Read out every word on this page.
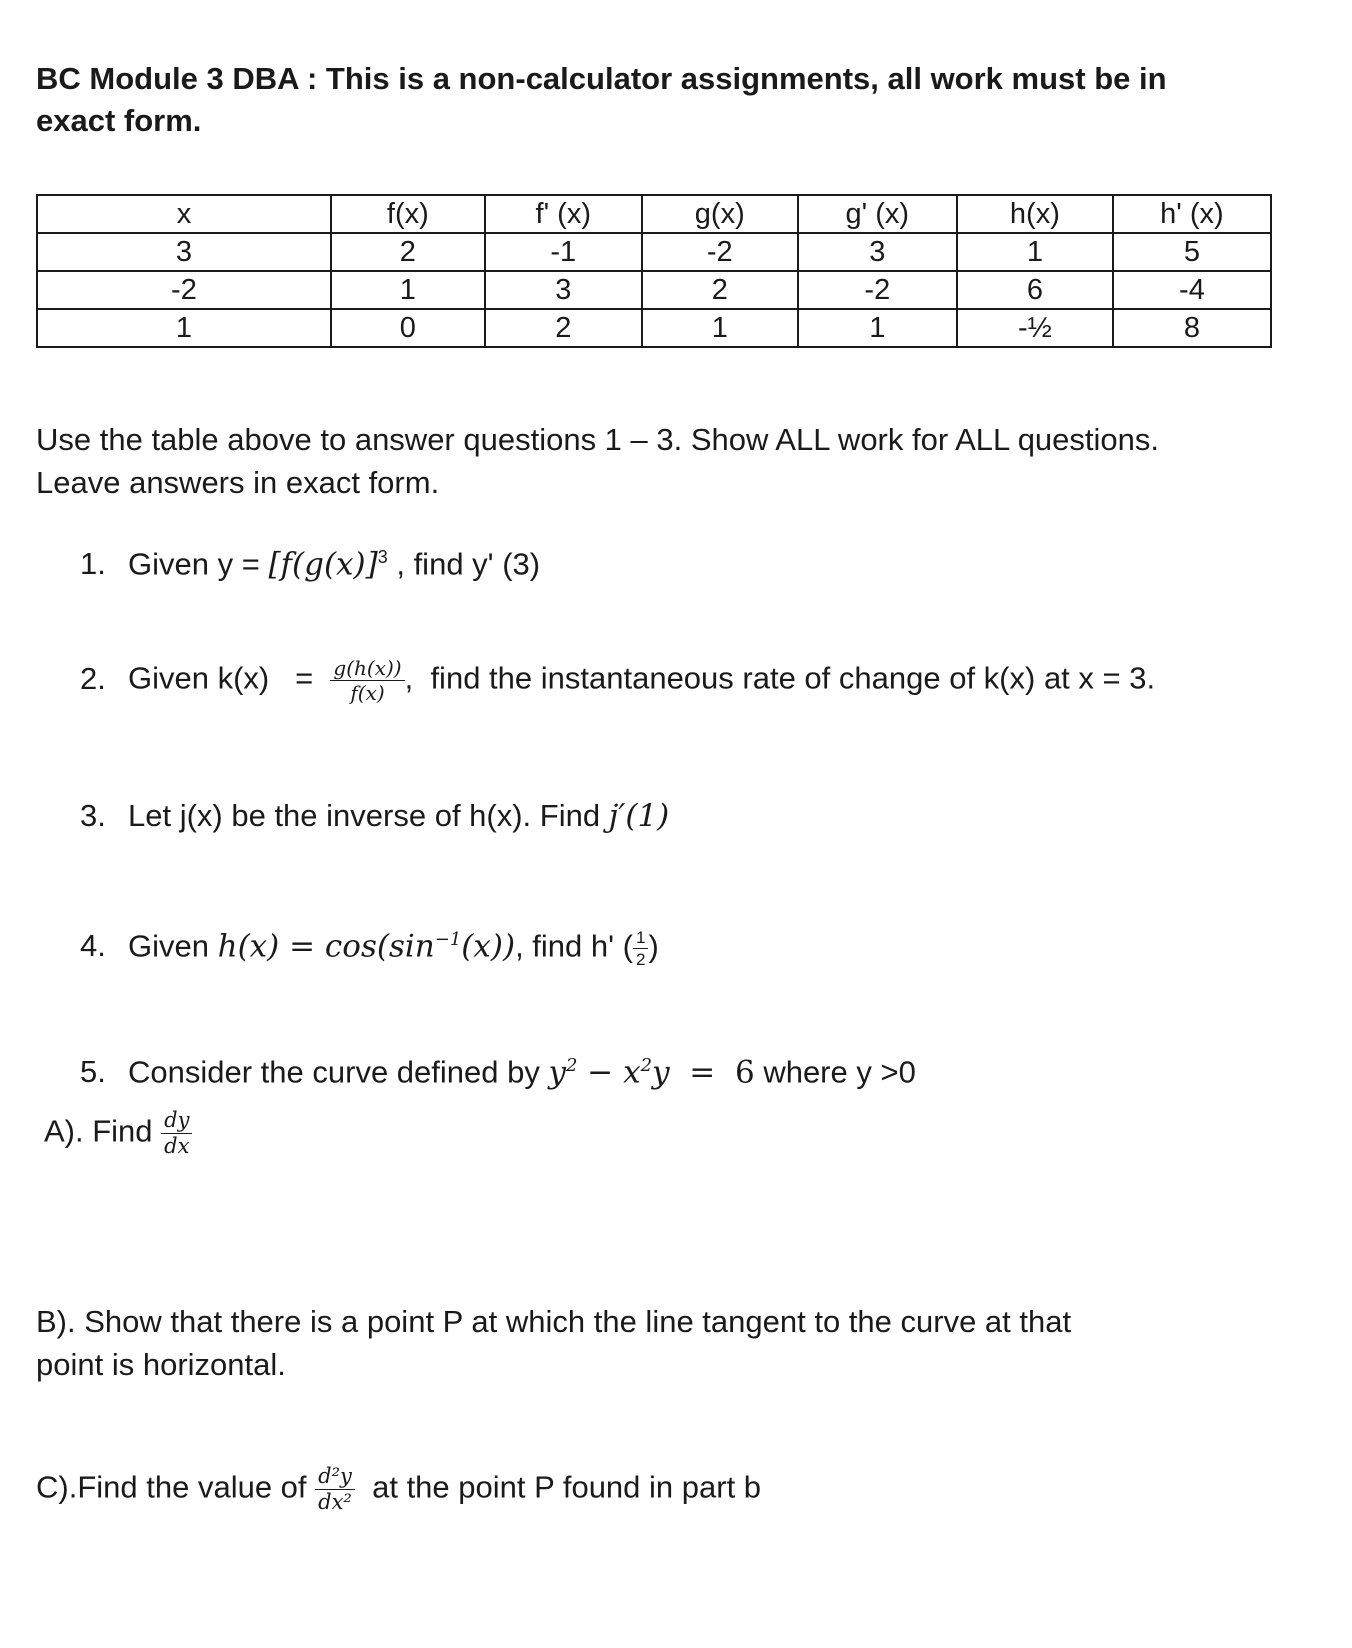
BC Module 3 DBA : This is a non-calculator assignments, all work must be in
exact form.
x	f(x)	f' (x)	g(x)	g' (x)	h(x)	h' (x)
3	2	-1	-2	3	1	5
-2	1	3	2	-2	6	-4
1	0	2	1	1	-½	8
Use the table above to answer questions 1 – 3. Show ALL work for ALL questions.
Leave answers in exact form.
1. Given $y = [f(g(x)]^3$ , find y' (3)
2. Given $k(x) = \frac{g(h(x))}{f(x)}$ ,  find the instantaneous rate of change of k(x) at x = 3.
3. Let j(x) be the inverse of h(x). Find j′(1)
4. Given $h(x) = \cos(\sin^{-1}(x))$, find h' ( $\frac{1}{2}$ )
5. Consider the curve defined by $y^2 - x^2y = 6$ where y >0
A). Find $\frac{dy}{dx}$
B). Show that there is a point P at which the line tangent to the curve at that
point is horizontal.
C).Find the value of $\frac{\text{d²y}}{\text{dx²}}$ at the point P found in part b
